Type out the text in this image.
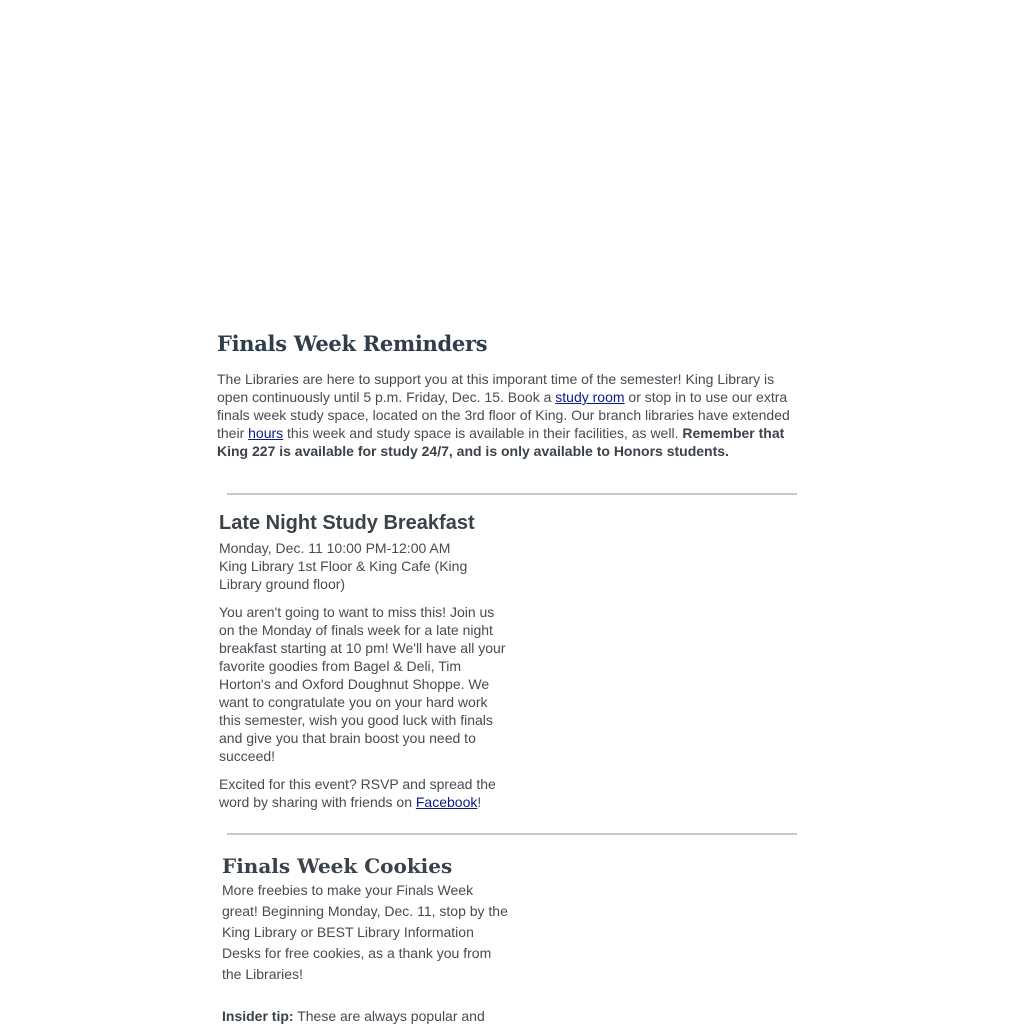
Finals Week Reminders

The Libraries are here to support you at this imporant time of the semester! King Library is open continuously until 5 p.m. Friday, Dec. 15. Book a study room or stop in to use our extra finals week study space, located on the 3rd floor of King. Our branch libraries have extended their hours this week and study space is available in their facilities, as well. Remember that King 227 is available for study 24/7, and is only available to Honors students.

Late Night Study Breakfast

Monday, Dec. 11 10:00 PM-12:00 AM

King Library 1st Floor & King Cafe (King Library ground floor)

You aren't going to want to miss this! Join us on the Monday of finals week for a late night breakfast starting at 10 pm! We'll have all your favorite goodies from Bagel & Deli, Tim Horton's and Oxford Doughnut Shoppe. We want to congratulate you on your hard work this semester, wish you good luck with finals and give you that brain boost you need to succeed!

Excited for this event? RSVP and spread the word by sharing with friends on Facebook!

Finals Week Cookies

More freebies to make your Finals Week great! Beginning Monday, Dec. 11, stop by the King Library or BEST Library Information Desks for free cookies, as a thank you from the Libraries!

Insider tip: These are always popular and
